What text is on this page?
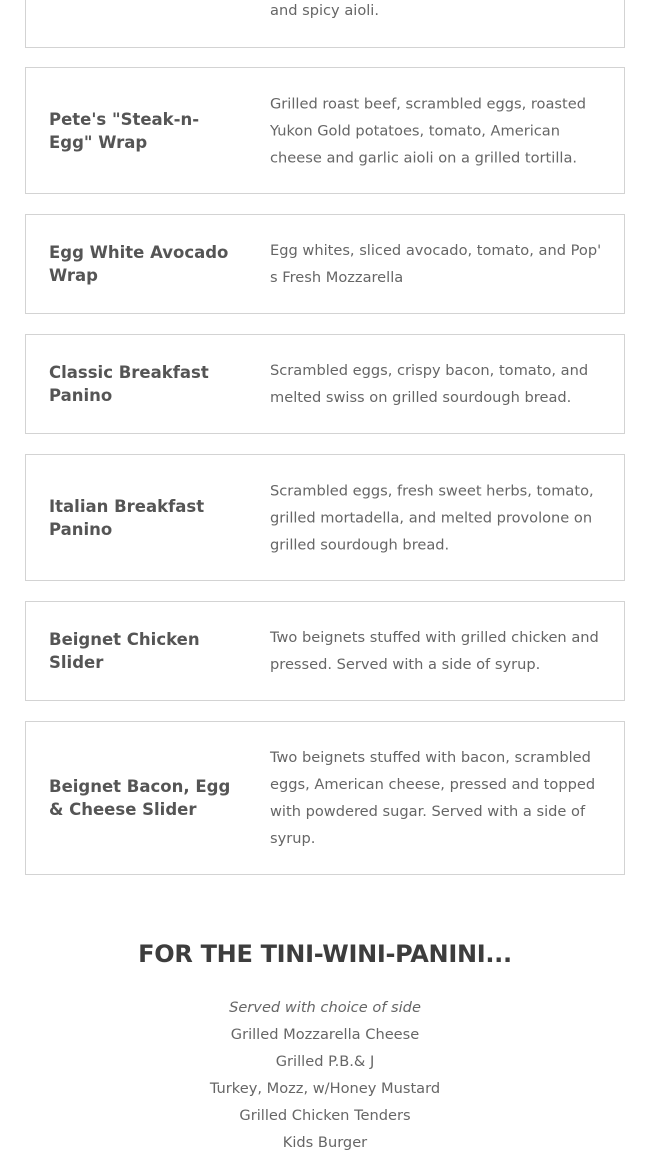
and spicy aioli.
Pete's "Steak-n-Egg" Wrap
Grilled roast beef, scrambled eggs, roasted Yukon Gold potatoes, tomato, American cheese and garlic aioli on a grilled tortilla.
Egg White Avocado Wrap
Egg whites, sliced avocado, tomato, and Pop' s Fresh Mozzarella
Classic Breakfast Panino
Scrambled eggs, crispy bacon, tomato, and melted swiss on grilled sourdough bread.
Italian Breakfast Panino
Scrambled eggs, fresh sweet herbs, tomato, grilled mortadella, and melted provolone on grilled sourdough bread.
Beignet Chicken Slider
Two beignets stuffed with grilled chicken and pressed. Served with a side of syrup.
Beignet Bacon, Egg & Cheese Slider
Two beignets stuffed with bacon, scrambled eggs, American cheese, pressed and topped with powdered sugar. Served with a side of syrup.
FOR THE TINI-WINI-PANINI...
Served with choice of side
Grilled Mozzarella Cheese
Grilled P.B.& J
Turkey, Mozz, w/Honey Mustard
Grilled Chicken Tenders
Kids Burger
